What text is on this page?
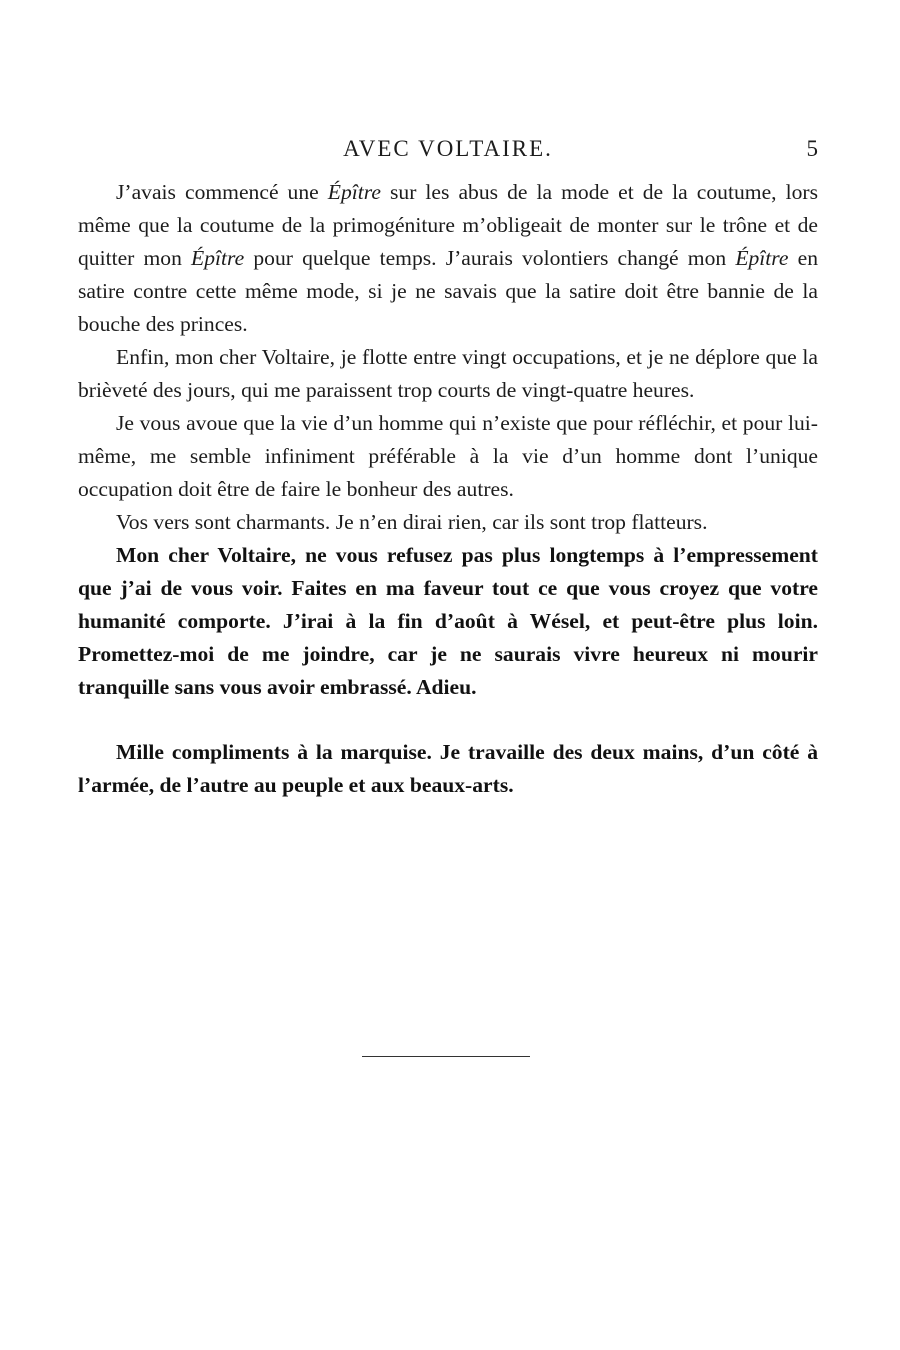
AVEC VOLTAIRE.	5

J’avais commencé une Épître sur les abus de la mode et de la coutume, lors même que la coutume de la primogéniture m’obligeait de monter sur le trône et de quitter mon Épître pour quelque temps. J’aurais volontiers changé mon Épître en satire contre cette même mode, si je ne savais que la satire doit être bannie de la bouche des princes.

Enfin, mon cher Voltaire, je flotte entre vingt occupations, et je ne déplore que la brièveté des jours, qui me paraissent trop courts de vingt-quatre heures.

Je vous avoue que la vie d’un homme qui n’existe que pour réfléchir, et pour lui-même, me semble infiniment préférable à la vie d’un homme dont l’unique occupation doit être de faire le bonheur des autres.

Vos vers sont charmants. Je n’en dirai rien, car ils sont trop flatteurs.

Mon cher Voltaire, ne vous refusez pas plus longtemps à l’empressement que j’ai de vous voir. Faites en ma faveur tout ce que vous croyez que votre humanité comporte. J’irai à la fin d’août à Wésel, et peut-être plus loin. Promettez-moi de me joindre, car je ne saurais vivre heureux ni mourir tranquille sans vous avoir embrassé. Adieu.

Mille compliments à la marquise. Je travaille des deux mains, d’un côté à l’armée, de l’autre au peuple et aux beaux-arts.
